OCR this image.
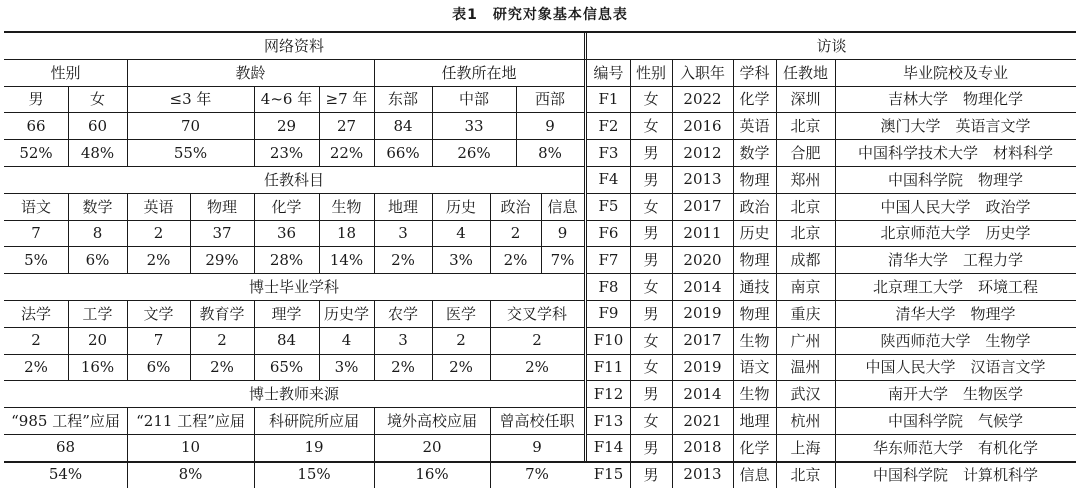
表1　研究对象基本信息表
网络资料	访谈
性别	教龄	任教所在地
男	女	≤3 年	4~6 年 ≥7 年	东部	中部	西部
66	60	70	29	27	84	33	9
52%	48%	55%	23%	22%	66%	26%	8%
任教科目
语文	数学	英语	物理	化学	生物	地理	历史	政治	信息
7	8	2	37	36	18	3	4	2	9
5%	6%	2%	29%	28%	14%	2%	3%	2%	7%
博士毕业学科
法学	工学	文学	教育学	理学	历史学	农学	医学	交叉学科
2	20	7	2	84	4	3	2	2
2%	16%	6%	2%	65%	3%	2%	2%	2%
博士教师来源
“985 工程”应届	“211 工程”应届	科研院所应届	境外高校应届	曾高校任职
68	10	19	20	9
54%	8%	15%	16%	7%
编号 性别 入职年 学科 任教地	毕业院校及专业
F1	女	2022	化学	深圳	吉林大学　物理化学
F2	女	2016	英语	北京	澳门大学　英语言文学
F3	男	2012	数学	合肥	中国科学技术大学　材料科学
F4	男	2013	物理	郑州	中国科学院　物理学
F5	女	2017	政治	北京	中国人民大学　政治学
F6	男	2011	历史	北京	北京师范大学　历史学
F7	男	2020	物理	成都	清华大学　工程力学
F8	女	2014	通技	南京	北京理工大学　环境工程
F9	男	2019	物理	重庆	清华大学　物理学
F10	女	2017	生物	广州	陕西师范大学　生物学
F11	女	2019	语文	温州	中国人民大学　汉语言文学
F12	男	2014	生物	武汉	南开大学　生物医学
F13	女	2021	地理	杭州	中国科学院　气候学
F14	男	2018	化学	上海	华东师范大学　有机化学
F15	男	2013	信息	北京	中国科学院　计算机科学
